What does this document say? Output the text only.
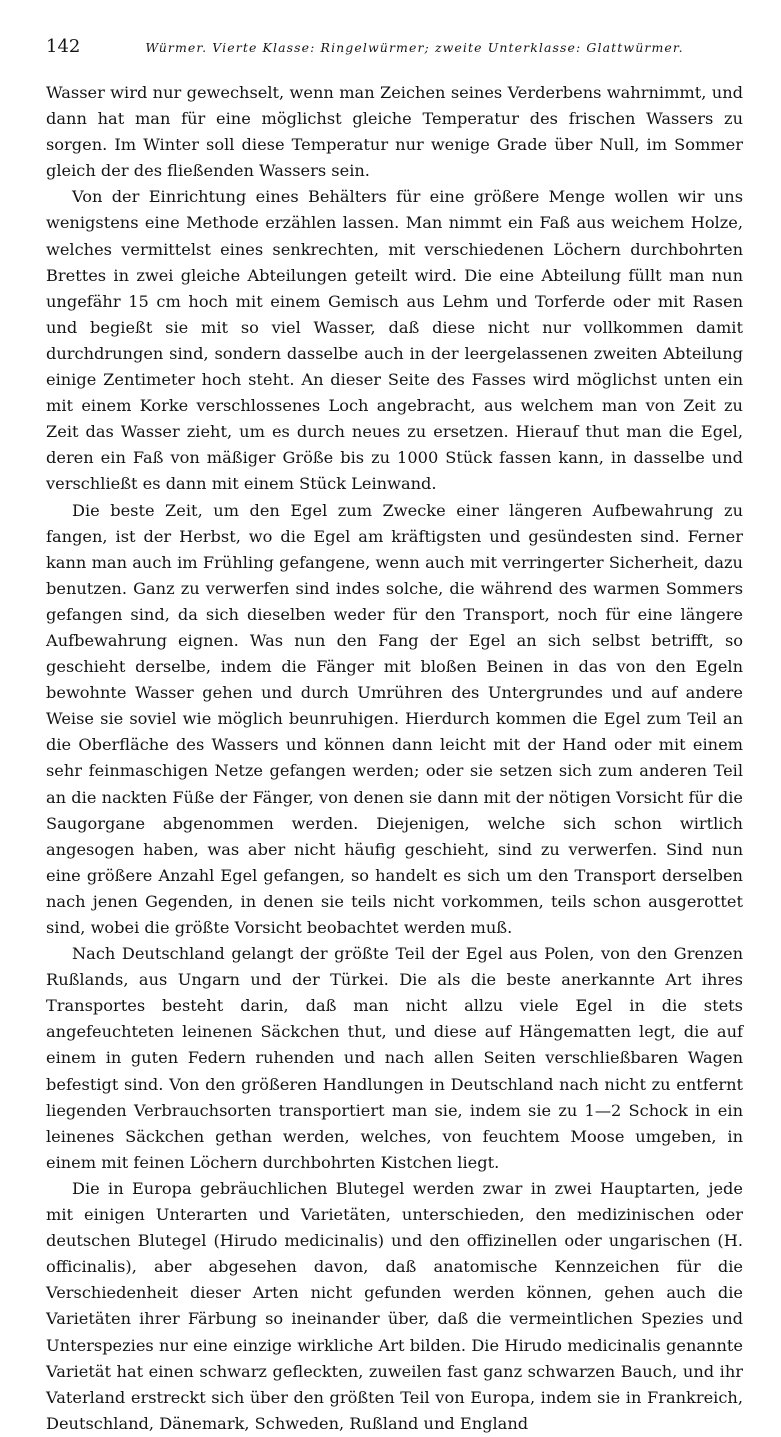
142	Würmer. Vierte Klasse: Ringelwürmer; zweite Unterklasse: Glattwürmer.

Wasser wird nur gewechselt, wenn man Zeichen seines Verderbens wahrnimmt, und dann hat man für eine möglichst gleiche Temperatur des frischen Wassers zu sorgen. Im Winter soll diese Temperatur nur wenige Grade über Null, im Sommer gleich der des fließenden Wassers sein.

Von der Einrichtung eines Behälters für eine größere Menge wollen wir uns wenigstens eine Methode erzählen lassen. Man nimmt ein Faß aus weichem Holze, welches vermittelst eines senkrechten, mit verschiedenen Löchern durchbohrten Brettes in zwei gleiche Abteilungen geteilt wird. Die eine Abteilung füllt man nun ungefähr 15 cm hoch mit einem Gemisch aus Lehm und Torferde oder mit Rasen und begießt sie mit so viel Wasser, daß diese nicht nur vollkommen damit durchdrungen sind, sondern dasselbe auch in der leergelassenen zweiten Abteilung einige Zentimeter hoch steht. An dieser Seite des Fasses wird möglichst unten ein mit einem Korke verschlossenes Loch angebracht, aus welchem man von Zeit zu Zeit das Wasser zieht, um es durch neues zu ersetzen. Hierauf thut man die Egel, deren ein Faß von mäßiger Größe bis zu 1000 Stück fassen kann, in dasselbe und verschließt es dann mit einem Stück Leinwand.

Die beste Zeit, um den Egel zum Zwecke einer längeren Aufbewahrung zu fangen, ist der Herbst, wo die Egel am kräftigsten und gesündesten sind. Ferner kann man auch im Frühling gefangene, wenn auch mit verringerter Sicherheit, dazu benutzen. Ganz zu verwerfen sind indes solche, die während des warmen Sommers gefangen sind, da sich dieselben weder für den Transport, noch für eine längere Aufbewahrung eignen. Was nun den Fang der Egel an sich selbst betrifft, so geschieht derselbe, indem die Fänger mit bloßen Beinen in das von den Egeln bewohnte Wasser gehen und durch Umrühren des Untergrundes und auf andere Weise sie soviel wie möglich beunruhigen. Hierdurch kommen die Egel zum Teil an die Oberfläche des Wassers und können dann leicht mit der Hand oder mit einem sehr feinmaschigen Netze gefangen werden; oder sie setzen sich zum anderen Teil an die nackten Füße der Fänger, von denen sie dann mit der nötigen Vorsicht für die Saugorgane abgenommen werden. Diejenigen, welche sich schon wirtlich angesogen haben, was aber nicht häufig geschieht, sind zu verwerfen. Sind nun eine größere Anzahl Egel gefangen, so handelt es sich um den Transport derselben nach jenen Gegenden, in denen sie teils nicht vorkommen, teils schon ausgerottet sind, wobei die größte Vorsicht beobachtet werden muß.

Nach Deutschland gelangt der größte Teil der Egel aus Polen, von den Grenzen Rußlands, aus Ungarn und der Türkei. Die als die beste anerkannte Art ihres Transportes besteht darin, daß man nicht allzu viele Egel in die stets angefeuchteten leinenen Säckchen thut, und diese auf Hängematten legt, die auf einem in guten Federn ruhenden und nach allen Seiten verschließbaren Wagen befestigt sind. Von den größeren Handlungen in Deutschland nach nicht zu entfernt liegenden Verbrauchsorten transportiert man sie, indem sie zu 1—2 Schock in ein leinenes Säckchen gethan werden, welches, von feuchtem Moose umgeben, in einem mit feinen Löchern durchbohrten Kistchen liegt.

Die in Europa gebräuchlichen Blutegel werden zwar in zwei Hauptarten, jede mit einigen Unterarten und Varietäten, unterschieden, den medizinischen oder deutschen Blutegel (Hirudo medicinalis) und den offizinellen oder ungarischen (H. officinalis), aber abgesehen davon, daß anatomische Kennzeichen für die Verschiedenheit dieser Arten nicht gefunden werden können, gehen auch die Varietäten ihrer Färbung so ineinander über, daß die vermeintlichen Spezies und Unterspezies nur eine einzige wirkliche Art bilden. Die Hirudo medicinalis genannte Varietät hat einen schwarz gefleckten, zuweilen fast ganz schwarzen Bauch, und ihr Vaterland erstreckt sich über den größten Teil von Europa, indem sie in Frankreich, Deutschland, Dänemark, Schweden, Rußland und England
